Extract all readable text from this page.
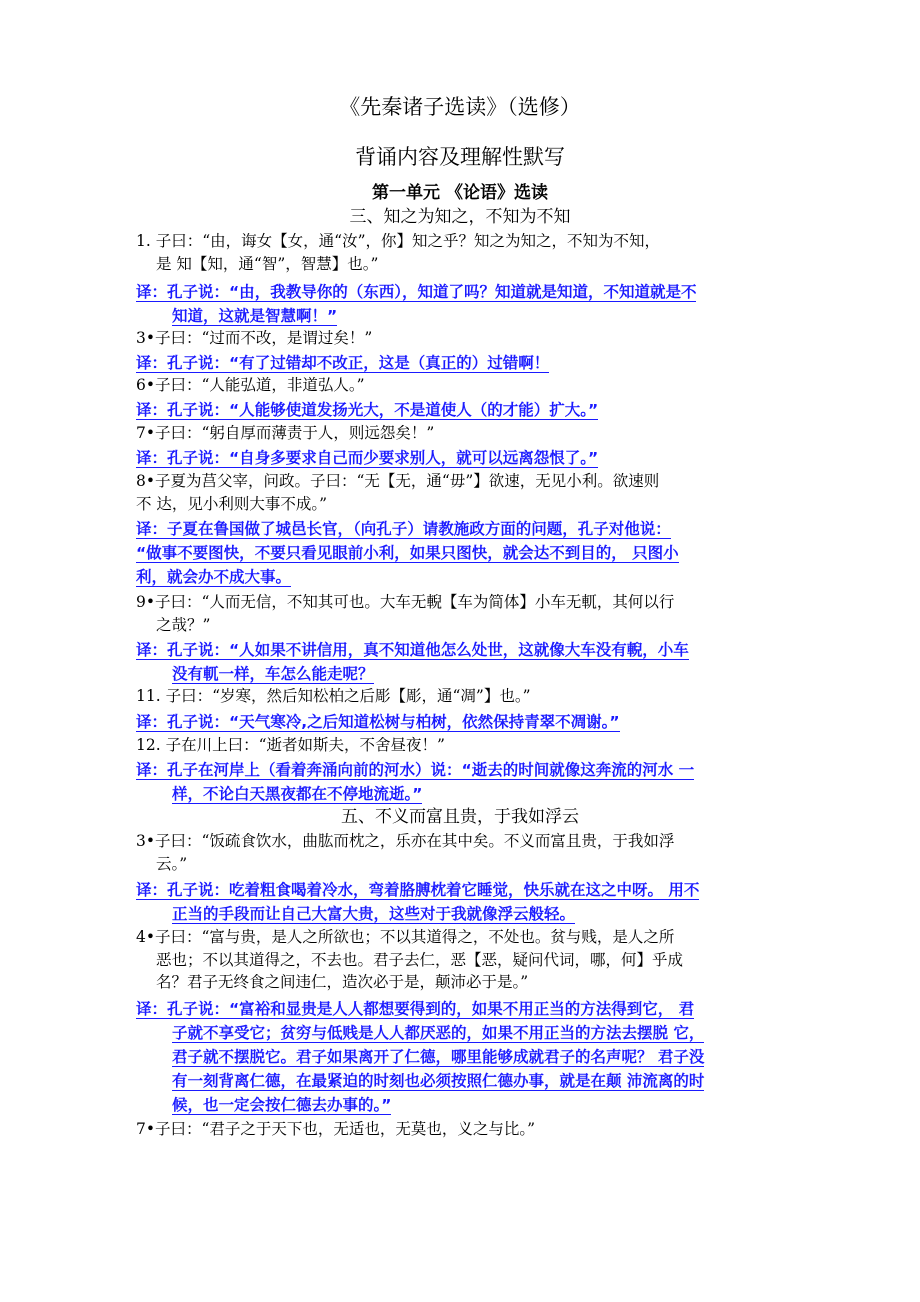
《先秦诸子选读》（选修）
背诵内容及理解性默写
第一单元 《论语》选读
三、知之为知之，不知为不知
1. 子曰：“由，诲女【女，通“汝”，你】知之乎？知之为知之，不知为不知，
是 知【知，通“智”，智慧】也。”
译：孔子说：“由，我教导你的（东西），知道了吗？知道就是知道，不知道就是不
知道，这就是智慧啊！”
3•子曰：“过而不改，是谓过矣！”
译：孔子说：“有了过错却不改正，这是（真正的）过错啊！
6•子曰：“人能弘道，非道弘人。”
译：孔子说：“人能够使道发扬光大，不是道使人（的才能）扩大。”
7•子曰：“躬自厚而薄责于人，则远怨矣！”
译：孔子说：“自身多要求自己而少要求别人，就可以远离怨恨了。”
8•子夏为莒父宰，问政。子曰：“无【无，通“毋”】欲速，无见小利。欲速则
不 达，见小利则大事不成。”
译：子夏在鲁国做了城邑长官，（向孔子）请教施政方面的问题，孔子对他说：
“做事不要图快，不要只看见眼前小利，如果只图快，就会达不到目的， 只图小
利，就会办不成大事。
9•子曰：“人而无信，不知其可也。大车无輗【车为简体】小车无軏，其何以行
之哉？”
译：孔子说：“人如果不讲信用，真不知道他怎么处世，这就像大车没有輗，小车
没有軏一样，车怎么能走呢？
11. 子曰：“岁寒，然后知松柏之后彫【彫，通“凋”】也。”
译：孔子说：“天气寒冷,之后知道松树与柏树，依然保持青翠不凋谢。”
12. 子在川上曰：“逝者如斯夫，不舍昼夜！”
译：孔子在河岸上（看着奔涌向前的河水）说：“逝去的时间就像这奔流的河水 一
样，不论白天黑夜都在不停地流逝。”
五、不义而富且贵，于我如浮云
3•子曰：“饭疏食饮水，曲肱而枕之，乐亦在其中矣。不义而富且贵，于我如浮
云。”
译：孔子说：吃着粗食喝着冷水，弯着胳膊枕着它睡觉，快乐就在这之中呀。 用不
正当的手段而让自己大富大贵，这些对于我就像浮云般轻。
4•子曰：“富与贵，是人之所欲也；不以其道得之，不处也。贫与贱，是人之所
恶也；不以其道得之，不去也。君子去仁，恶【恶，疑问代词，哪，何】乎成
名？君子无终食之间违仁，造次必于是，颠沛必于是。”
译：孔子说：“富裕和显贵是人人都想要得到的，如果不用正当的方法得到它， 君
子就不享受它；贫穷与低贱是人人都厌恶的，如果不用正当的方法去摆脱 它，
君子就不摆脱它。君子如果离开了仁德，哪里能够成就君子的名声呢？ 君子没
有一刻背离仁德，在最紧迫的时刻也必须按照仁德办事，就是在颠 沛流离的时
候，也一定会按仁德去办事的。”
7•子曰：“君子之于天下也，无适也，无莫也，义之与比。”
